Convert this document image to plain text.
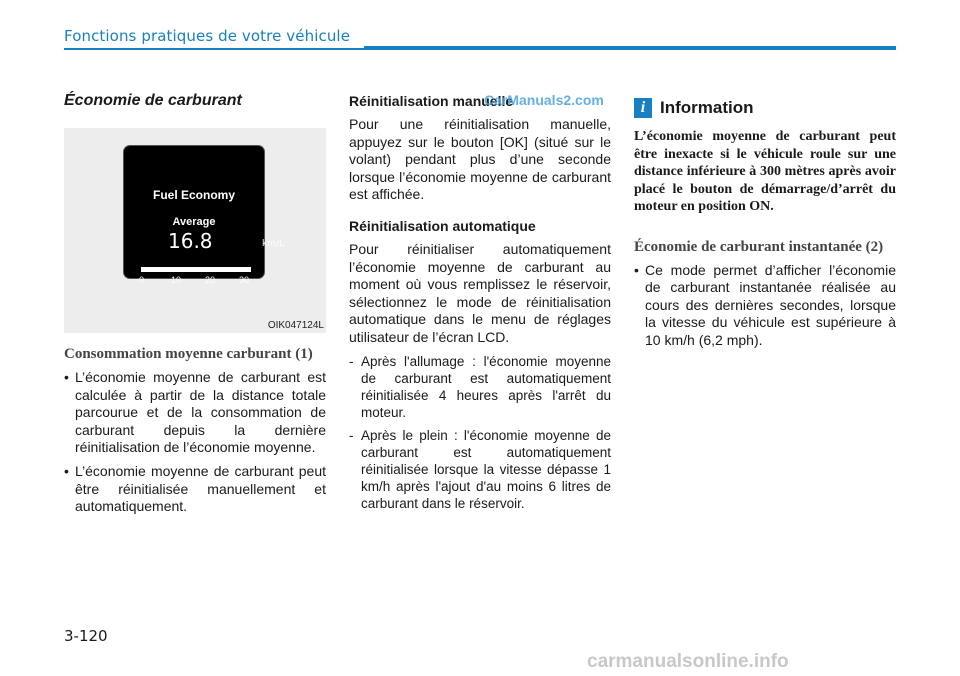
Fonctions pratiques de votre véhicule
Économie de carburant
Fuel Economy
Average
16.8	km/L
0	10	20	30
OIK047124L
Consommation moyenne carburant (1)
• L’économie moyenne de carburant est calculée à partir de la distance totale parcourue et de la consommation de carburant depuis la dernière réinitialisation de l’économie moyenne.
• L’économie moyenne de carburant peut être réinitialisée manuellement et automatiquement.
Réinitialisation manuelle

Pour une réinitialisation manuelle, appuyez sur le bouton [OK] (situé sur le volant) pendant plus d’une seconde lorsque l’économie moyenne de carburant est affichée.

Réinitialisation automatique

Pour réinitialiser automatiquement l’économie moyenne de carburant au moment où vous remplissez le réservoir, sélectionnez le mode de réinitialisation automatique dans le menu de réglages utilisateur de l’écran LCD.

- Après l'allumage : l'économie moyenne de carburant est automatiquement réinitialisée 4 heures après l'arrêt du moteur.
- Après le plein : l'économie moyenne de carburant est automatiquement réinitialisée lorsque la vitesse dépasse 1 km/h après l'ajout d'au moins 6 litres de carburant dans le réservoir.
CarManuals2.com	i Information

L’économie moyenne de carburant peut être inexacte si le véhicule roule sur une distance inférieure à 300 mètres après avoir placé le bouton de démarrage/d’arrêt du moteur en position ON.

Économie de carburant instantanée (2)
• Ce mode permet d’afficher l’économie de carburant instantanée réalisée au cours des dernières secondes, lorsque la vitesse du véhicule est supérieure à 10 km/h (6,2 mph).
3-120
carmanualsonline.info
